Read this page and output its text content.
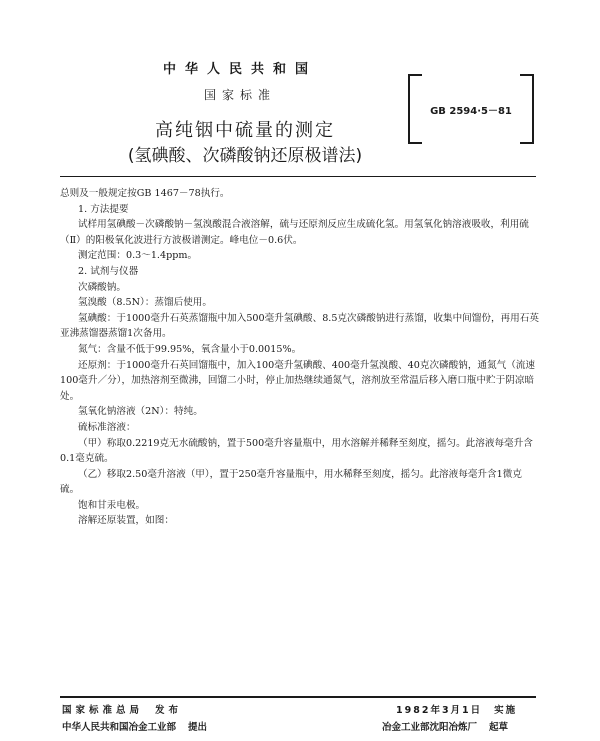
中华人民共和国
国家标准
高纯铟中硫量的测定
(氢碘酸、次磷酸钠还原极谱法)
GB 2594·5－81

总则及一般规定按GB 1467－78执行。

1. 方法提要

试样用氢碘酸－次磷酸钠－氢溴酸混合液溶解，硫与还原剂反应生成硫化氢。用氢氧化钠溶液吸收，利用硫（Ⅱ）的阳极氧化波进行方波极谱测定。峰电位－0.6伏。

测定范围：0.3～1.4ppm。

2. 试剂与仪器

次磷酸钠。

氢溴酸（8.5N）：蒸馏后使用。

氢碘酸：于1000毫升石英蒸馏瓶中加入500毫升氢碘酸、8.5克次磷酸钠进行蒸馏，收集中间馏份，再用石英亚沸蒸馏器蒸馏1次备用。

氮气：含量不低于99.95%，氧含量小于0.0015%。

还原剂：于1000毫升石英回馏瓶中，加入100毫升氢碘酸、400毫升氢溴酸、40克次磷酸钠，通氮气（流速100毫升／分），加热溶剂至微沸，回馏二小时，停止加热继续通氮气，溶剂放至常温后移入磨口瓶中贮于阴凉暗处。

氢氧化钠溶液（2N）：特纯。

硫标准溶液：

（甲）称取0.2219克无水硫酸钠，置于500毫升容量瓶中，用水溶解并稀释至刻度，摇匀。此溶液每毫升含0.1毫克硫。

（乙）移取2.50毫升溶液（甲），置于250毫升容量瓶中，用水稀释至刻度，摇匀。此溶液每毫升含1微克硫。

饱和甘汞电极。

溶解还原装置，如图：

国家标准总局 发布
中华人民共和国冶金工业部 提出
1982年3月1日 实施
冶金工业部沈阳冶炼厂 起草
